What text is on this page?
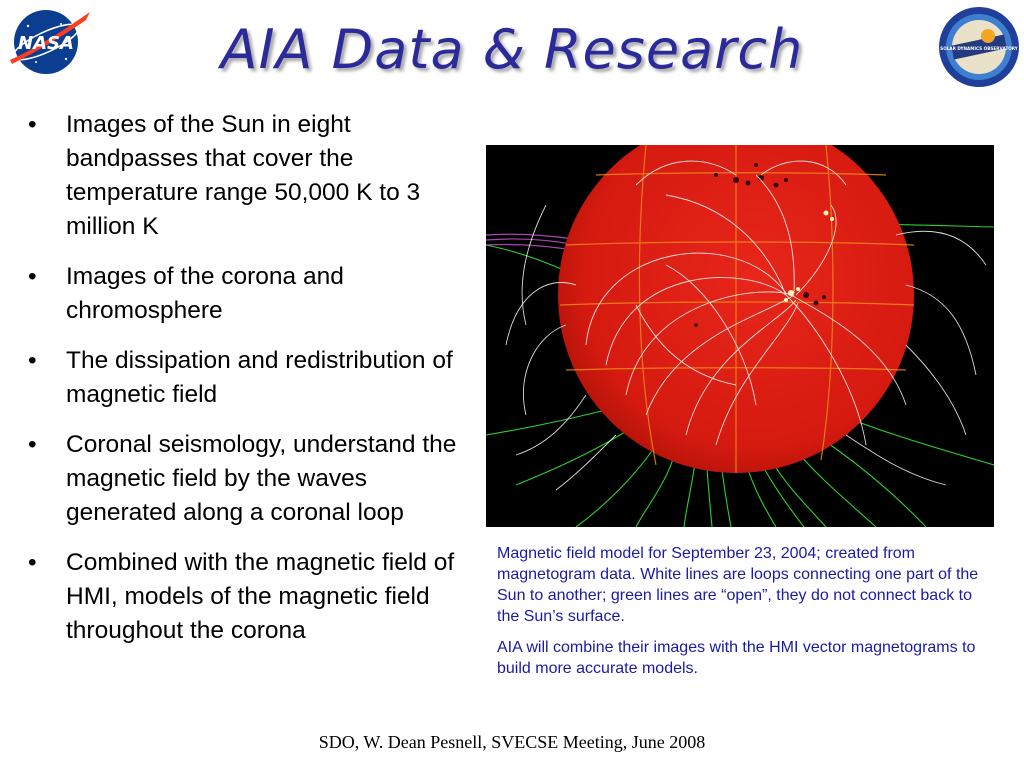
NASA	SOLAR DYNAMICS OBSERVATORY
AIA Data & Research
• Images of the Sun in eight bandpasses that cover the temperature range 50,000 K to 3 million K
• Images of the corona and chromosphere
• The dissipation and redistribution of magnetic field
• Coronal seismology, understand the magnetic field by the waves generated along a coronal loop
• Combined with the magnetic field of HMI, models of the magnetic field throughout the corona

Magnetic field model for September 23, 2004; created from magnetogram data. White lines are loops connecting one part of the Sun to another; green lines are “open”, they do not connect back to the Sun’s surface.

AIA will combine their images with the HMI vector magnetograms to build more accurate models.

SDO, W. Dean Pesnell, SVECSE Meeting, June 2008
